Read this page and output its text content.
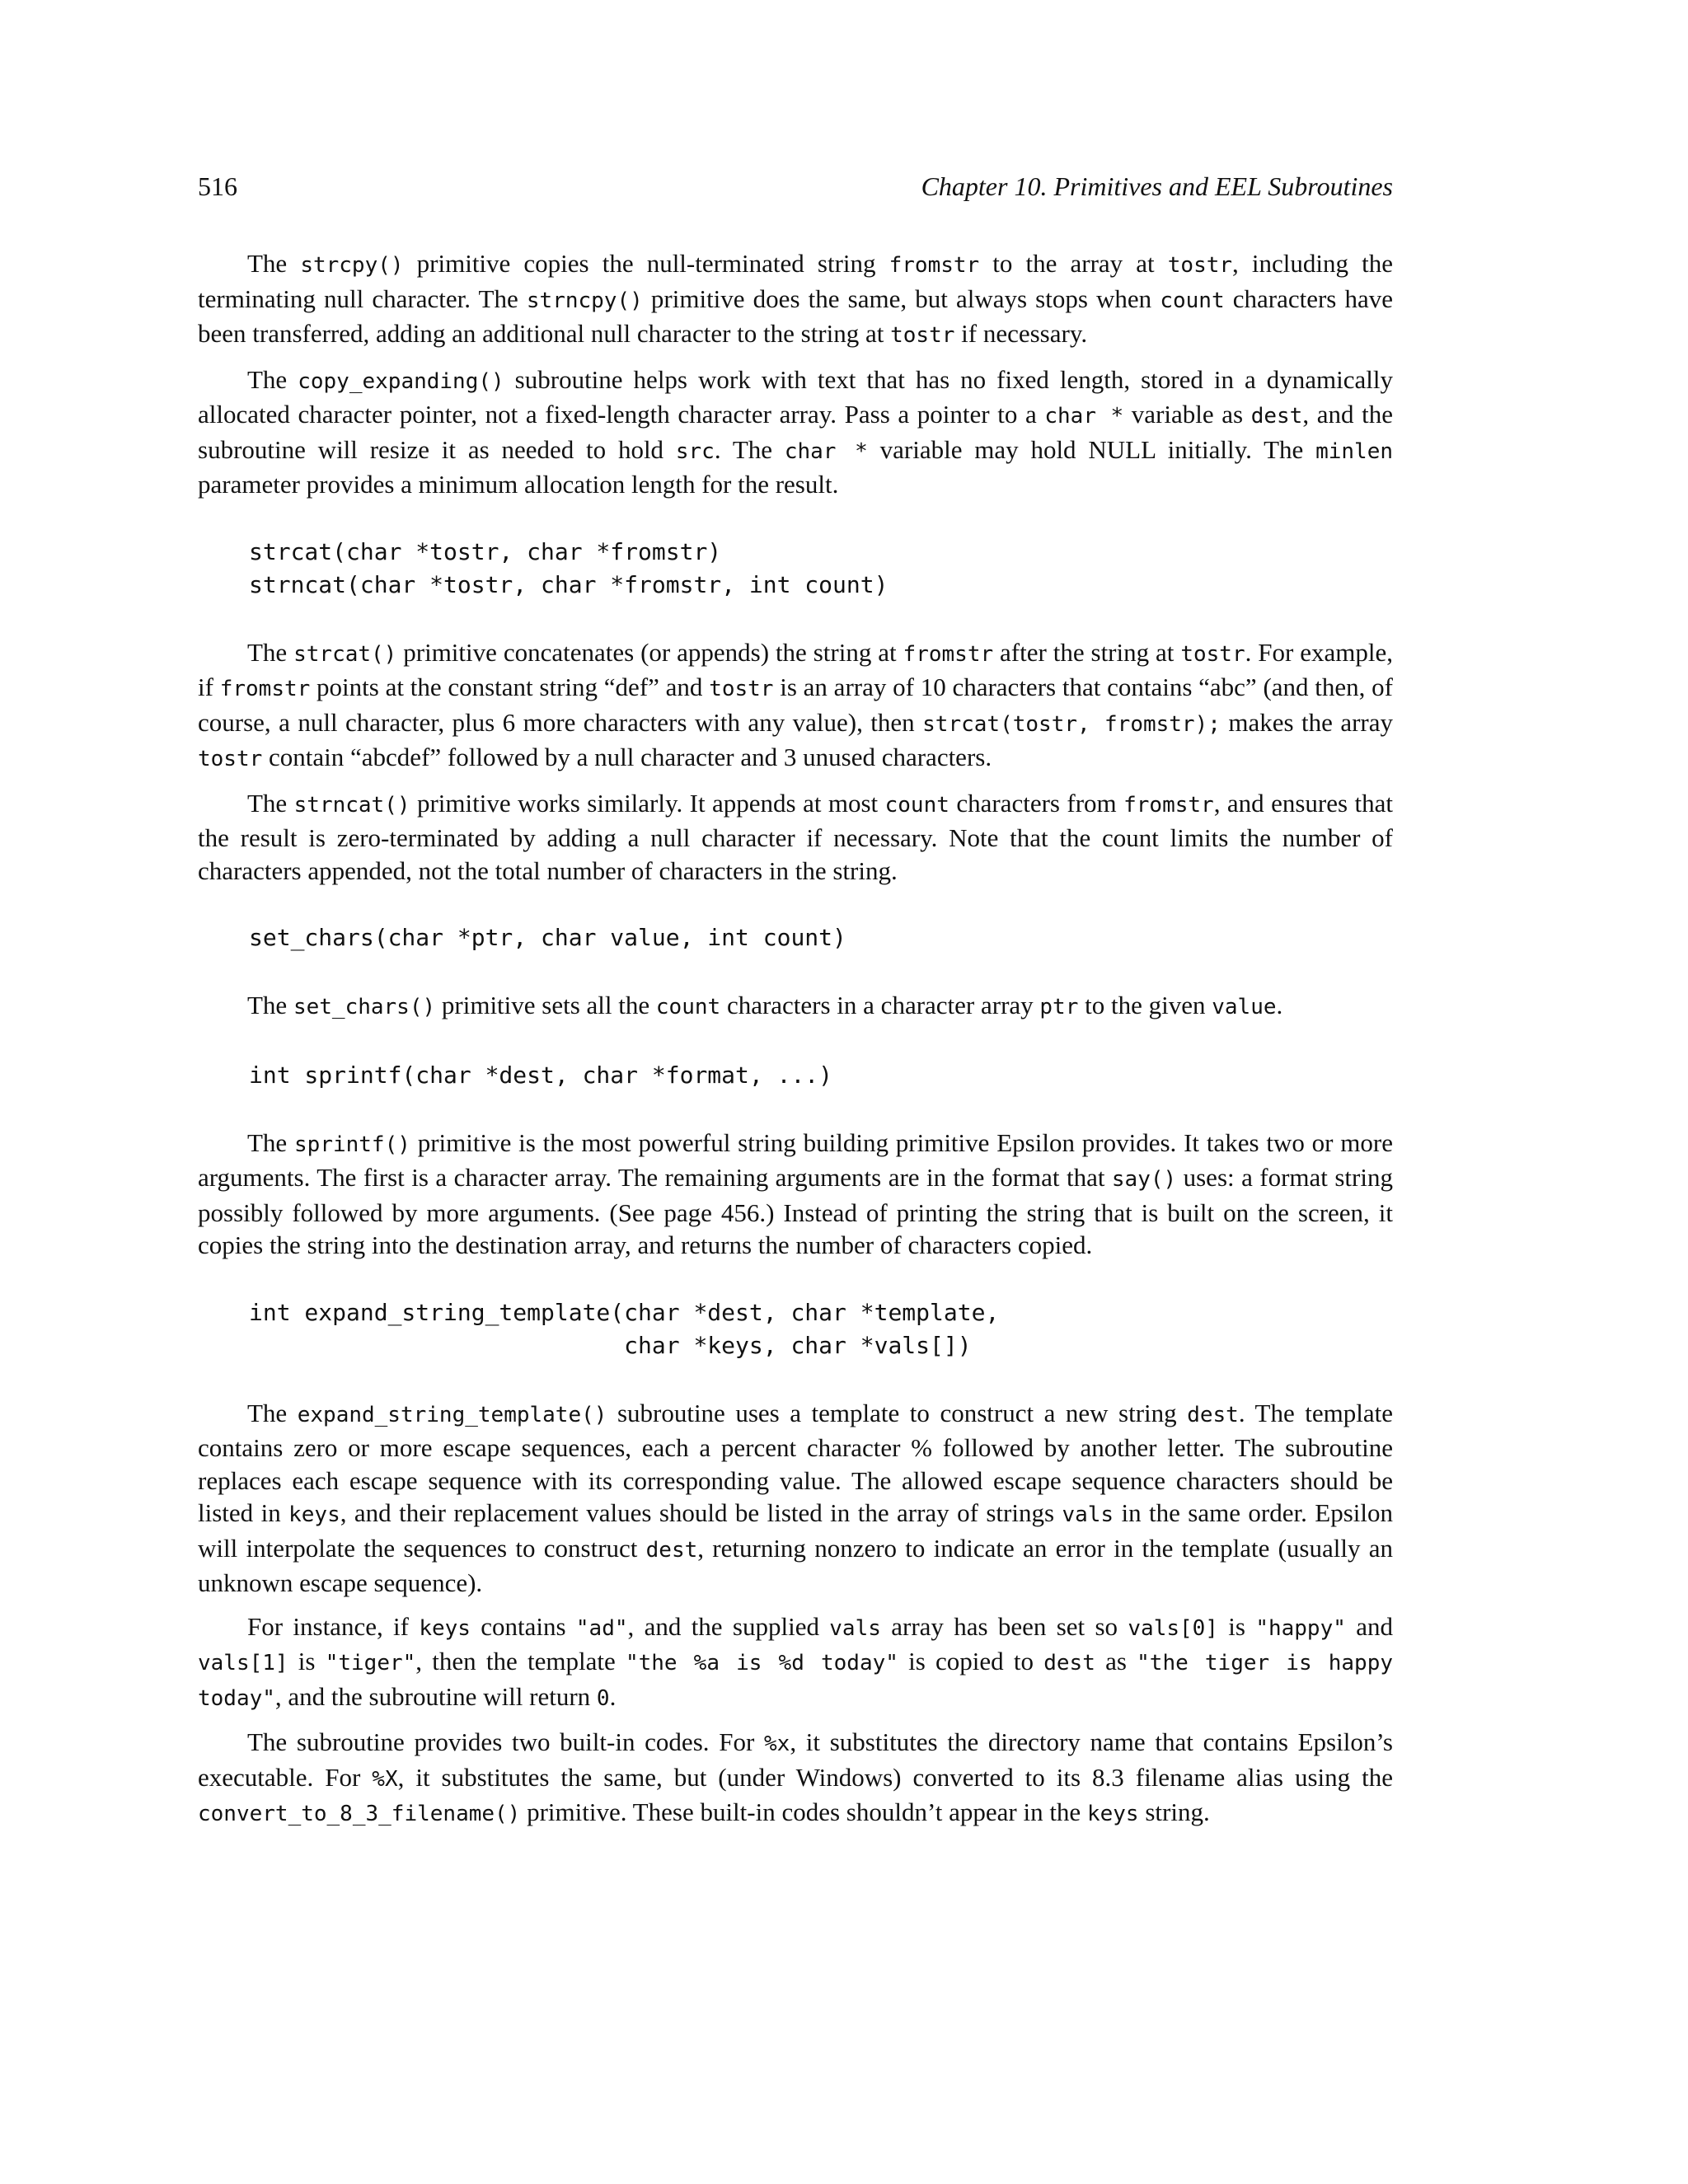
516	Chapter 10. Primitives and EEL Subroutines

The strcpy() primitive copies the null-terminated string fromstr to the array at tostr, including the terminating null character. The strncpy() primitive does the same, but always stops when count characters have been transferred, adding an additional null character to the string at tostr if necessary.

The copy_expanding() subroutine helps work with text that has no fixed length, stored in a dynamically allocated character pointer, not a fixed-length character array. Pass a pointer to a char * variable as dest, and the subroutine will resize it as needed to hold src. The char * variable may hold NULL initially. The minlen parameter provides a minimum allocation length for the result.

strcat(char *tostr, char *fromstr)
strncat(char *tostr, char *fromstr, int count)

The strcat() primitive concatenates (or appends) the string at fromstr after the string at tostr. For example, if fromstr points at the constant string “def” and tostr is an array of 10 characters that contains “abc” (and then, of course, a null character, plus 6 more characters with any value), then strcat(tostr, fromstr); makes the array tostr contain “abcdef” followed by a null character and 3 unused characters.

The strncat() primitive works similarly. It appends at most count characters from fromstr, and ensures that the result is zero-terminated by adding a null character if necessary. Note that the count limits the number of characters appended, not the total number of characters in the string.

set_chars(char *ptr, char value, int count)

The set_chars() primitive sets all the count characters in a character array ptr to the given value.

int sprintf(char *dest, char *format, ...)

The sprintf() primitive is the most powerful string building primitive Epsilon provides. It takes two or more arguments. The first is a character array. The remaining arguments are in the format that say() uses: a format string possibly followed by more arguments. (See page 456.) Instead of printing the string that is built on the screen, it copies the string into the destination array, and returns the number of characters copied.

int expand_string_template(char *dest, char *template,
char *keys, char *vals[])

The expand_string_template() subroutine uses a template to construct a new string dest. The template contains zero or more escape sequences, each a percent character % followed by another letter. The subroutine replaces each escape sequence with its corresponding value. The allowed escape sequence characters should be listed in keys, and their replacement values should be listed in the array of strings vals in the same order. Epsilon will interpolate the sequences to construct dest, returning nonzero to indicate an error in the template (usually an unknown escape sequence).

For instance, if keys contains "ad", and the supplied vals array has been set so vals[0] is "happy" and vals[1] is "tiger", then the template "the %a is %d today" is copied to dest as "the tiger is happy today", and the subroutine will return 0.

The subroutine provides two built-in codes. For %x, it substitutes the directory name that contains Epsilon’s executable. For %X, it substitutes the same, but (under Windows) converted to its 8.3 filename alias using the convert_to_8_3_filename() primitive. These built-in codes shouldn’t appear in the keys string.
